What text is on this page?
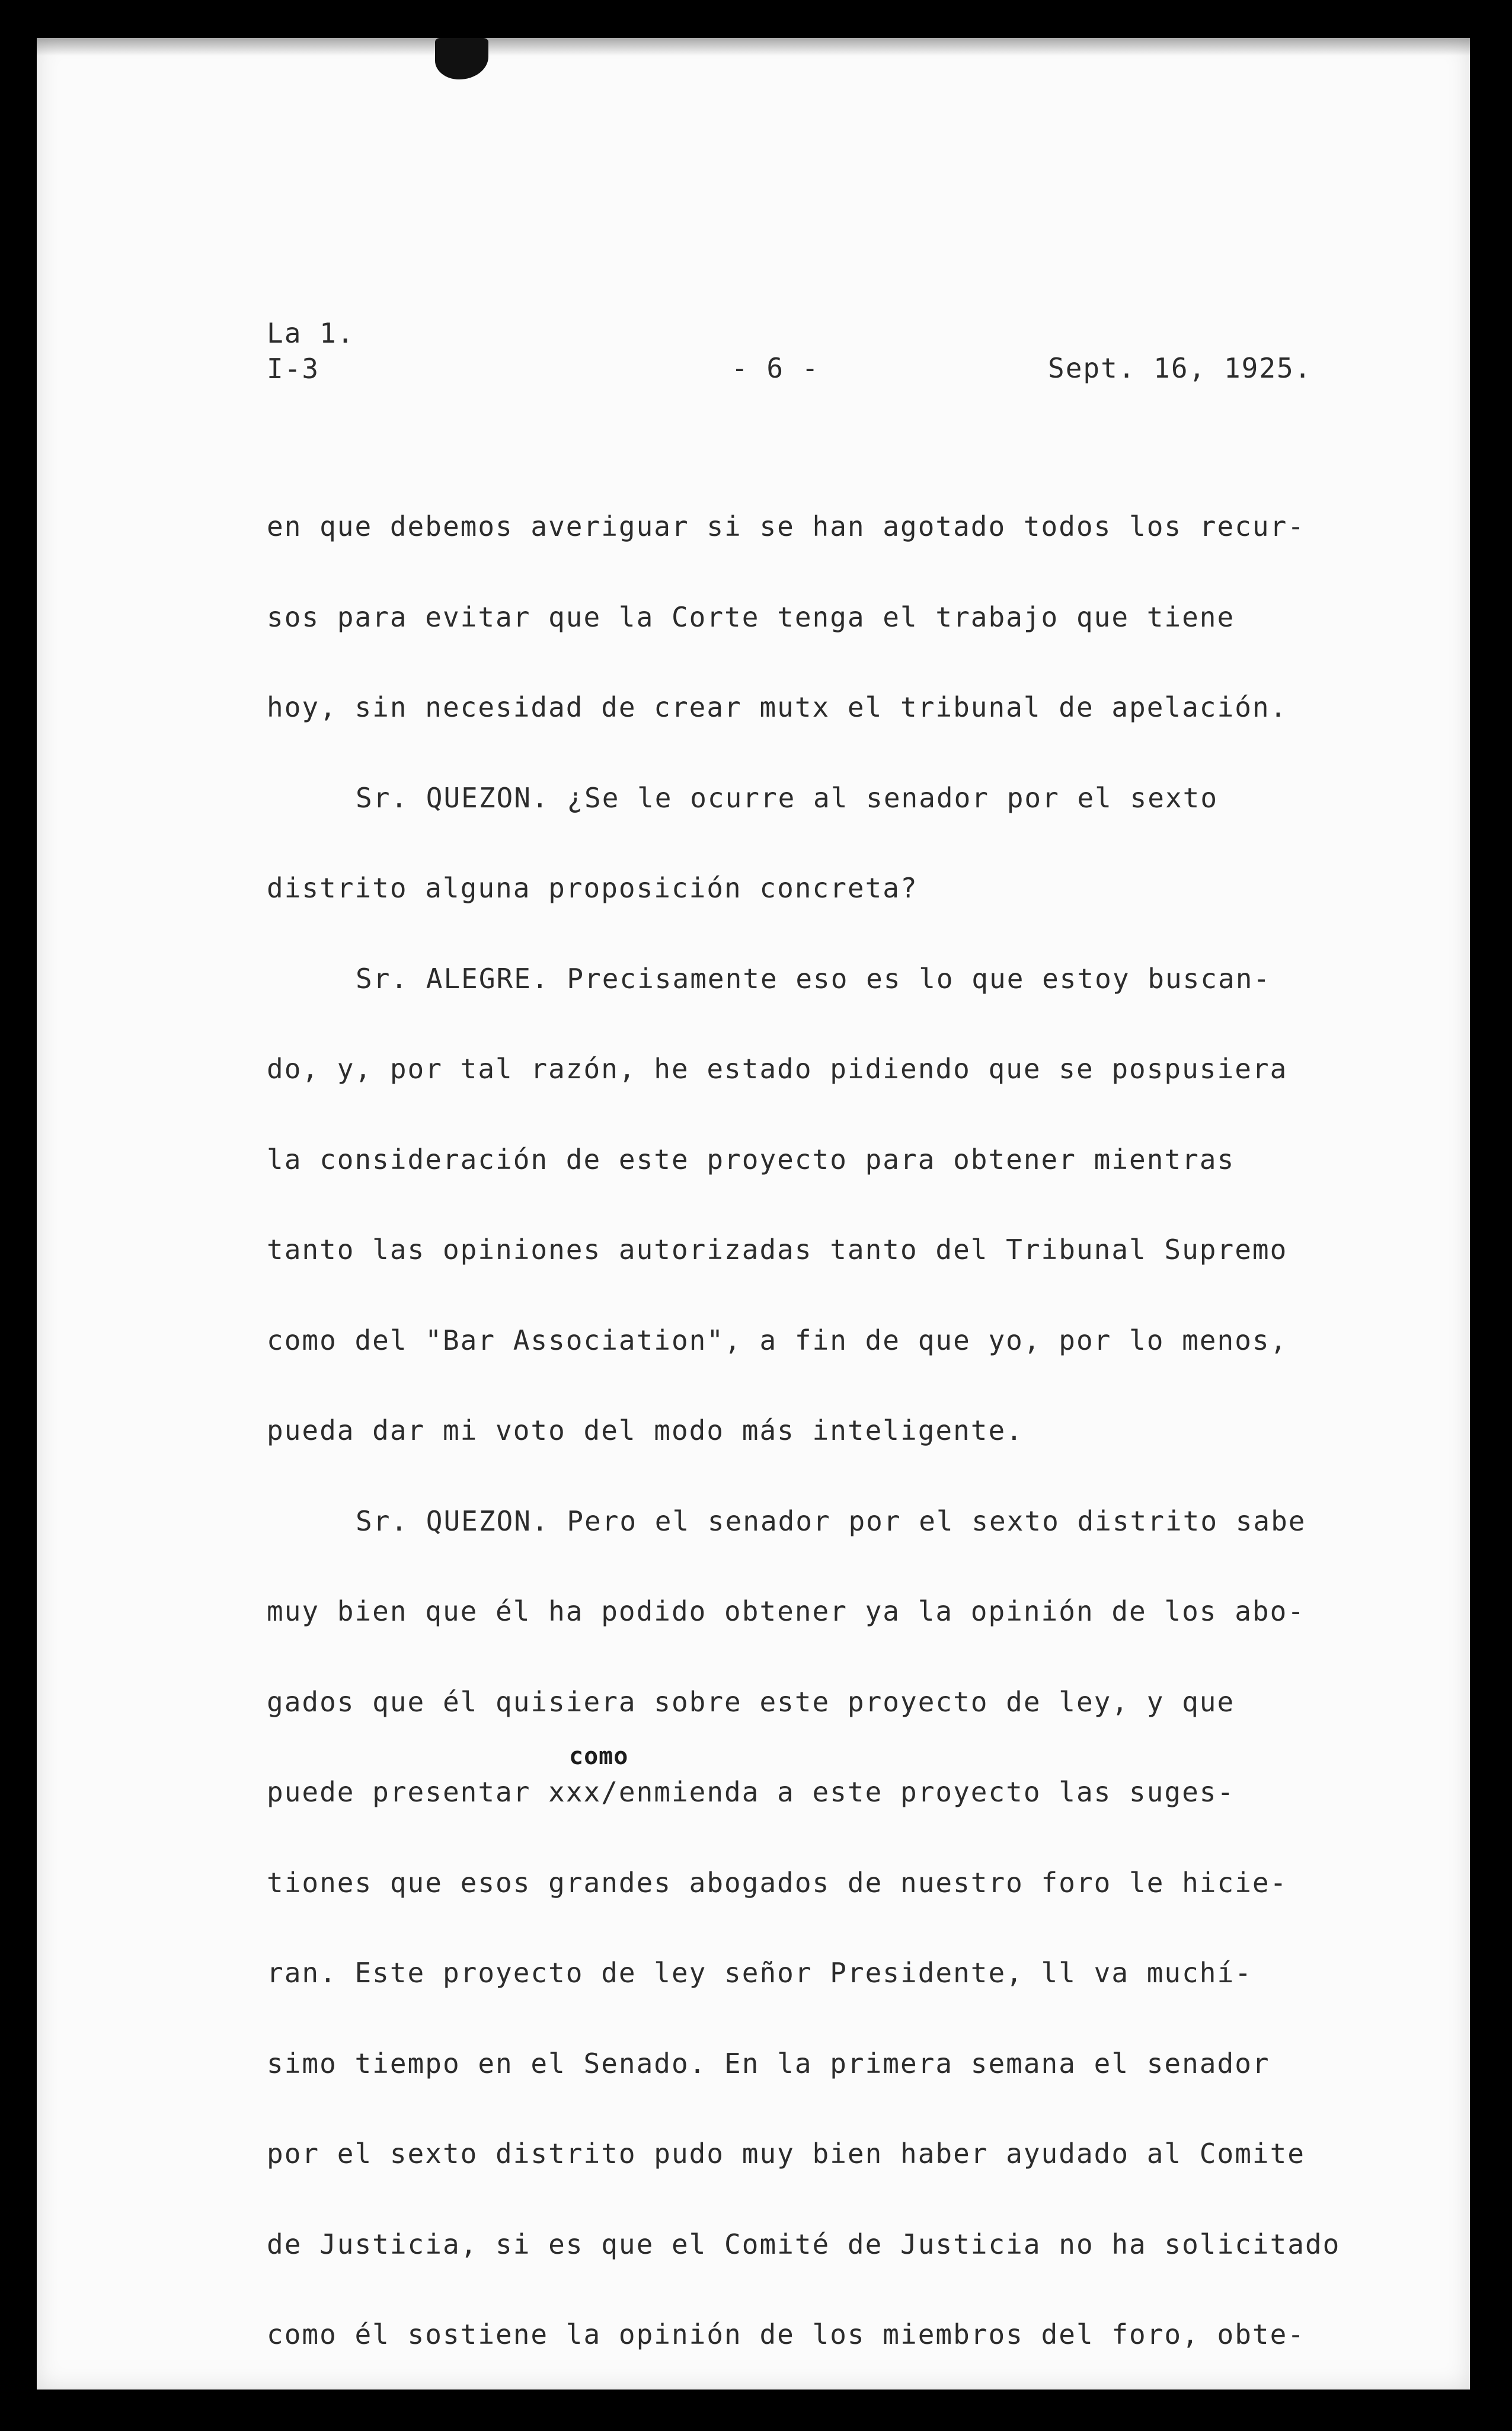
La 1.
I-3	- 6 -	Sept. 16, 1925.
como
en que debemos averiguar si se han agotado todos los recur-
sos para evitar que la Corte tenga el trabajo que tiene
hoy, sin necesidad de crear mutx el tribunal de apelación.
Sr. QUEZON. ¿Se le ocurre al senador por el sexto
distrito alguna proposición concreta?
Sr. ALEGRE. Precisamente eso es lo que estoy buscan-
do, y, por tal razón, he estado pidiendo que se pospusiera
la consideración de este proyecto para obtener mientras
tanto las opiniones autorizadas tanto del Tribunal Supremo
como del "Bar Association", a fin de que yo, por lo menos,
pueda dar mi voto del modo más inteligente.
Sr. QUEZON. Pero el senador por el sexto distrito sabe
muy bien que él ha podido obtener ya la opinión de los abo-
gados que él quisiera sobre este proyecto de ley, y que
puede presentar xxx/enmienda a este proyecto las suges-
tiones que esos grandes abogados de nuestro foro le hicie-
ran. Este proyecto de ley señor Presidente, ll va muchí-
simo tiempo en el Senado. En la primera semana el senador
por el sexto distrito pudo muy bien haber ayudado al Comite
de Justicia, si es que el Comité de Justicia no ha solicitado
como él sostiene la opinión de los miembros del foro, obte-
